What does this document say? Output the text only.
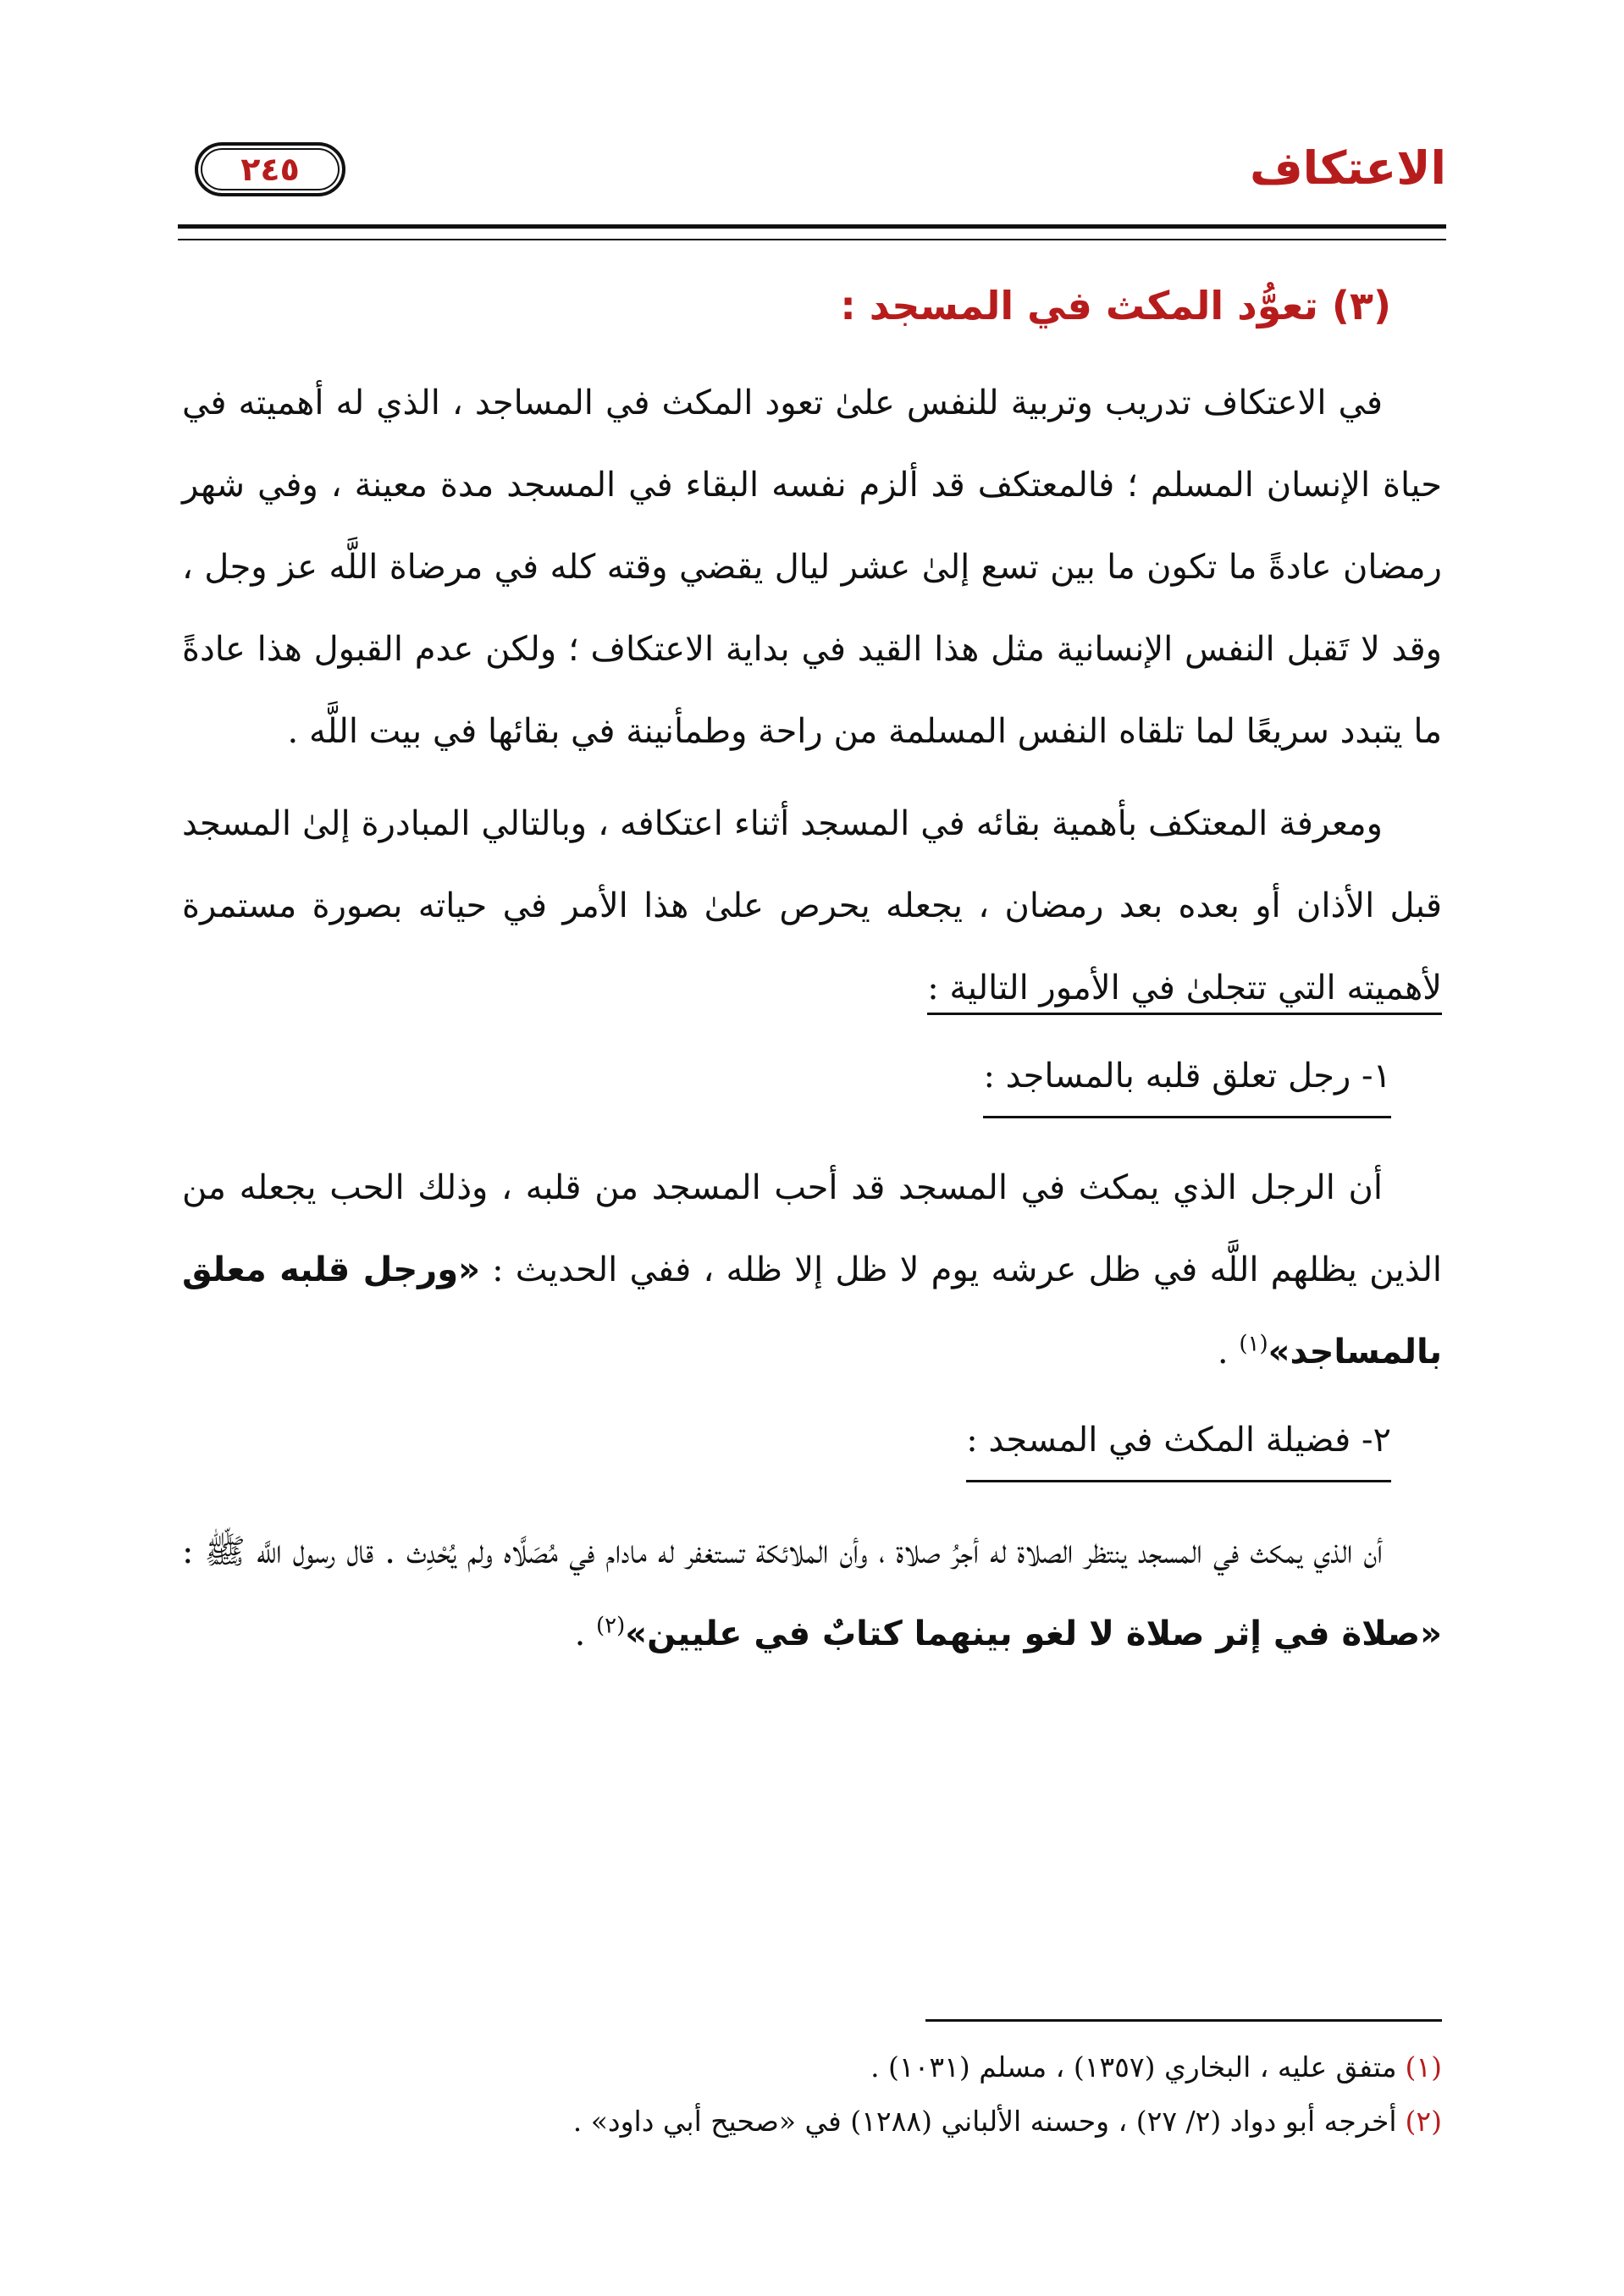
الاعتكاف
٢٤٥
(٣) تعوُّد المكث في المسجد :

في الاعتكاف تدريب وتربية للنفس علىٰ تعود المكث في المساجد ، الذي له أهميته في حياة الإنسان المسلم ؛ فالمعتكف قد ألزم نفسه البقاء في المسجد مدة معينة ، وفي شهر رمضان عادةً ما تكون ما بين تسع إلىٰ عشر ليال يقضي وقته كله في مرضاة اللَّه عز وجل ، وقد لا تَقبل النفس الإنسانية مثل هذا القيد في بداية الاعتكاف ؛ ولكن عدم القبول هذا عادةً ما يتبدد سريعًا لما تلقاه النفس المسلمة من راحة وطمأنينة في بقائها في بيت اللَّه .

ومعرفة المعتكف بأهمية بقائه في المسجد أثناء اعتكافه ، وبالتالي المبادرة إلىٰ المسجد قبل الأذان أو بعده بعد رمضان ، يجعله يحرص علىٰ هذا الأمر في حياته بصورة مستمرة لأهميته التي تتجلىٰ في الأمور التالية :

١- رجل تعلق قلبه بالمساجد :

أن الرجل الذي يمكث في المسجد قد أحب المسجد من قلبه ، وذلك الحب يجعله من الذين يظلهم اللَّه في ظل عرشه يوم لا ظل إلا ظله ، ففي الحديث : «ورجل قلبه معلق بالمساجد»$^{(١)}$ .

٢- فضيلة المكث في المسجد :

أن الذي يمكث في المسجد ينتظر الصلاة له أجرُ صلاة ، وأن الملائكة تستغفر له مادام في مُصَلَّاه ولم يُحْدِث . قال رسول اللَّه ﷺ : «صلاة في إثر صلاة لا لغو بينهما كتابٌ في عليين»$^{(٢)}$ .

(١)متفق عليه ، البخاري (١٣٥٧) ، مسلم (١٠٣١) .
(٢)أخرجه أبو دواد (٢/ ٢٧) ، وحسنه الألباني (١٢٨٨) في «صحيح أبي داود» .
